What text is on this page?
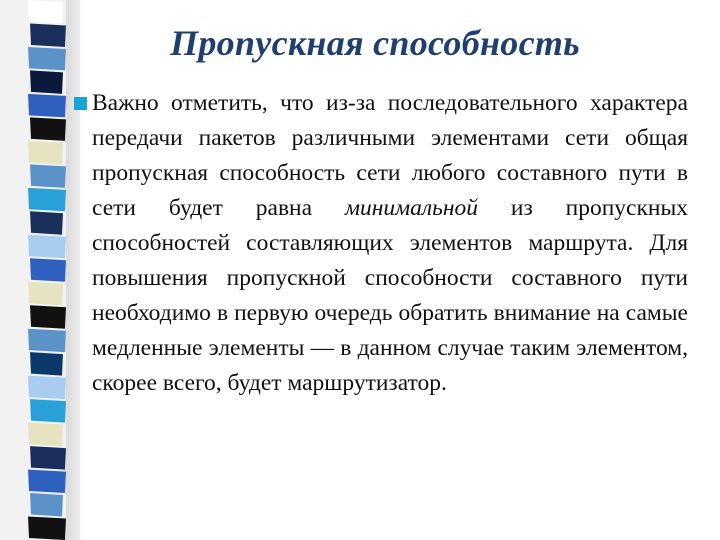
Пропускная способность

Важно отметить, что из-за последовательного характера передачи пакетов различными элементами сети общая пропускная способность сети любого составного пути в сети будет равна минимальной из пропускных способностей составляющих элементов маршрута. Для повышения пропускной способности составного пути необходимо в первую очередь обратить внимание на самые медленные элементы — в данном случае таким элементом, скорее всего, будет маршрутизатор.
